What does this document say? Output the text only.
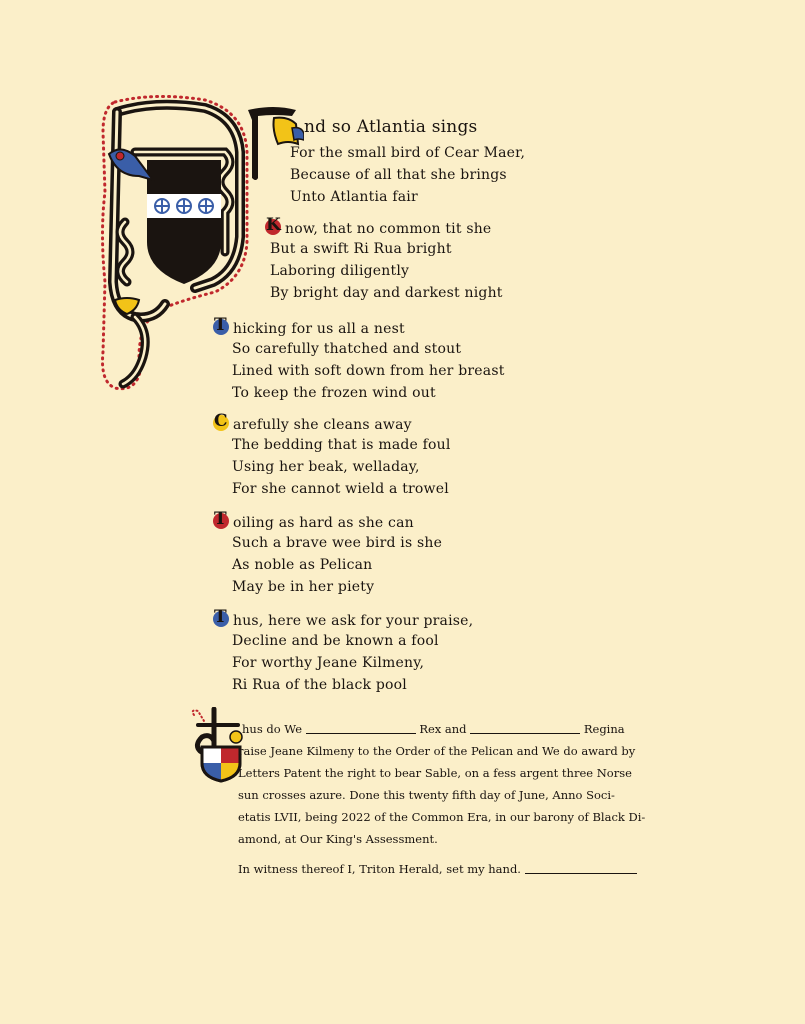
nd so Atlantia sings
For the small bird of Cear Maer,
Because of all that she brings
Unto Atlantia fair
K now, that no common tit she
But a swift Ri Rua bright
Laboring diligently
By bright day and darkest night
T hicking for us all a nest
So carefully thatched and stout
Lined with soft down from her breast
To keep the frozen wind out
C arefully she cleans away
The bedding that is made foul
Using her beak, welladay,
For she cannot wield a trowel
T oiling as hard as she can
Such a brave wee bird is she
As noble as Pelican
May be in her piety
T hus, here we ask for your praise,
Decline and be known a fool
For worthy Jeane Kilmeny,
Ri Rua of the black pool
hus do We	Rex and	Regina
raise Jeane Kilmeny to the Order of the Pelican and We do award by
Letters Patent the right to bear Sable, on a fess argent three Norse
sun crosses azure. Done this twenty fifth day of June, Anno Soci-
etatis LVII, being 2022 of the Common Era, in our barony of Black Di-
amond, at Our King's Assessment.
In witness thereof I, Triton Herald, set my hand.
